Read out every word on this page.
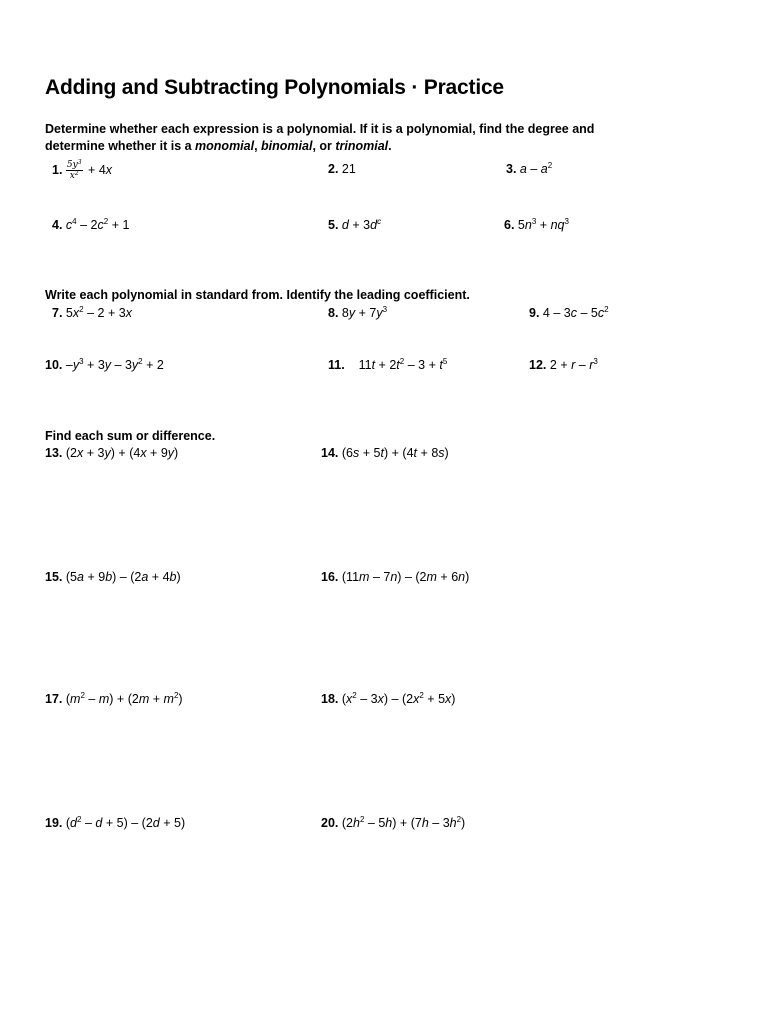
Adding and Subtracting Polynomials · Practice
Determine whether each expression is a polynomial. If it is a polynomial, find the degree and
determine whether it is a monomial, binomial, or trinomial.
1. $\frac{5y^3}{x^2} + 4x$	2. 21	3. a – $a^2$
4. $c^4 - 2c^2 + 1$	5. $d + 3d^c$	6. $5n^3 + nq^3$
Write each polynomial in standard from. Identify the leading coefficient.
7. $5x^2 - 2 + 3x$	8. $8y + 7y^3$	9. $4 - 3c - 5c^2$
10. $-y^3 + 3y - 3y^2 + 2$	11. $11t + 2t^2 - 3 + t^5$	12. $2 + r - r^3$
Find each sum or difference.
13. (2x + 3y) + (4x + 9y)	14. (6s + 5t) + (4t + 8s)
15. (5a + 9b) – (2a + 4b)	16. (11m – 7n) – (2m + 6n)
17. $(m^2 - m) + (2m + m^2)$	18. $(x^2 - 3x) - (2x^2 + 5x)$
19. $(d^2 - d + 5) - (2d + 5)$	20. $(2h^2 - 5h) + (7h - 3h^2)$
